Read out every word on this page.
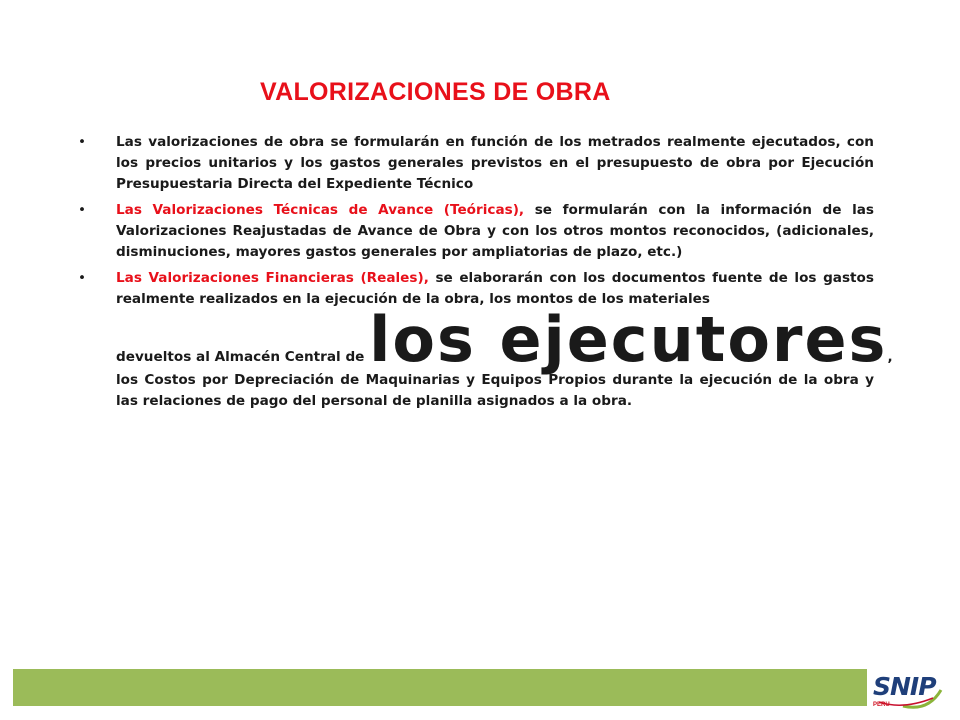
VALORIZACIONES DE OBRA
• Las valorizaciones de obra se formularán en función de los metrados realmente ejecutados, con los precios unitarios y los gastos generales previstos en el presupuesto de obra por Ejecución Presupuestaria Directa del Expediente Técnico
• Las Valorizaciones Técnicas de Avance (Teóricas), se formularán con la información de las Valorizaciones Reajustadas de Avance de Obra y con los otros montos reconocidos, (adicionales, disminuciones, mayores gastos generales por ampliatorias de plazo, etc.)
• Las Valorizaciones Financieras (Reales), se elaborarán con los documentos fuente de los gastos realmente realizados en la ejecución de la obra, los montos de los materiales
devueltos al Almacén Central de los ejecutores,
los Costos por Depreciación de Maquinarias y Equipos Propios durante la ejecución de la obra y las relaciones de pago del personal de planilla asignados a la obra.
SNIP
PERU
